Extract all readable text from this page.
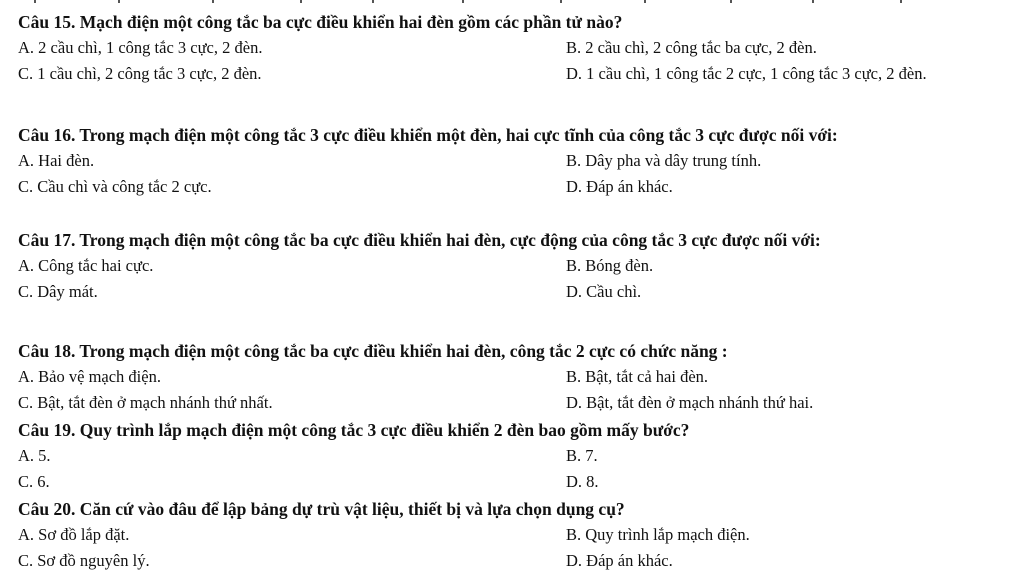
Câu 15. Mạch điện một công tắc ba cực điều khiển hai đèn gồm các phần tử nào?
A. 2 cầu chì, 1 công tắc 3 cực, 2 đèn.	B. 2 cầu chì, 2 công tắc ba cực, 2 đèn.
C. 1 cầu chì, 2 công tắc 3 cực, 2 đèn.	D. 1 cầu chì, 1 công tắc 2 cực, 1 công tắc 3 cực, 2 đèn.
Câu 16. Trong mạch điện một công tắc 3 cực điều khiển một đèn, hai cực tĩnh của công tắc 3 cực được nối với:
A. Hai đèn.	B. Dây pha và dây trung tính.
C. Cầu chì và công tắc 2 cực.	D. Đáp án khác.
Câu 17. Trong mạch điện một công tắc ba cực điều khiển hai đèn, cực động của công tắc 3 cực được nối với:
A. Công tắc hai cực.	B. Bóng đèn.
C. Dây mát.	D. Cầu chì.
Câu 18. Trong mạch điện một công tắc ba cực điều khiển hai đèn, công tắc 2 cực có chức năng :
A. Bảo vệ mạch điện.	B. Bật, tắt cả hai đèn.
C. Bật, tắt đèn ở mạch nhánh thứ nhất.	D. Bật, tắt đèn ở mạch nhánh thứ hai.
Câu 19. Quy trình lắp mạch điện một công tắc 3 cực điều khiển 2 đèn bao gồm mấy bước?
A. 5.	B. 7.
C. 6.	D. 8.
Câu 20. Căn cứ vào đâu để lập bảng dự trù vật liệu, thiết bị và lựa chọn dụng cụ?
A. Sơ đồ lắp đặt.	B. Quy trình lắp mạch điện.
C. Sơ đồ nguyên lý.	D. Đáp án khác.
